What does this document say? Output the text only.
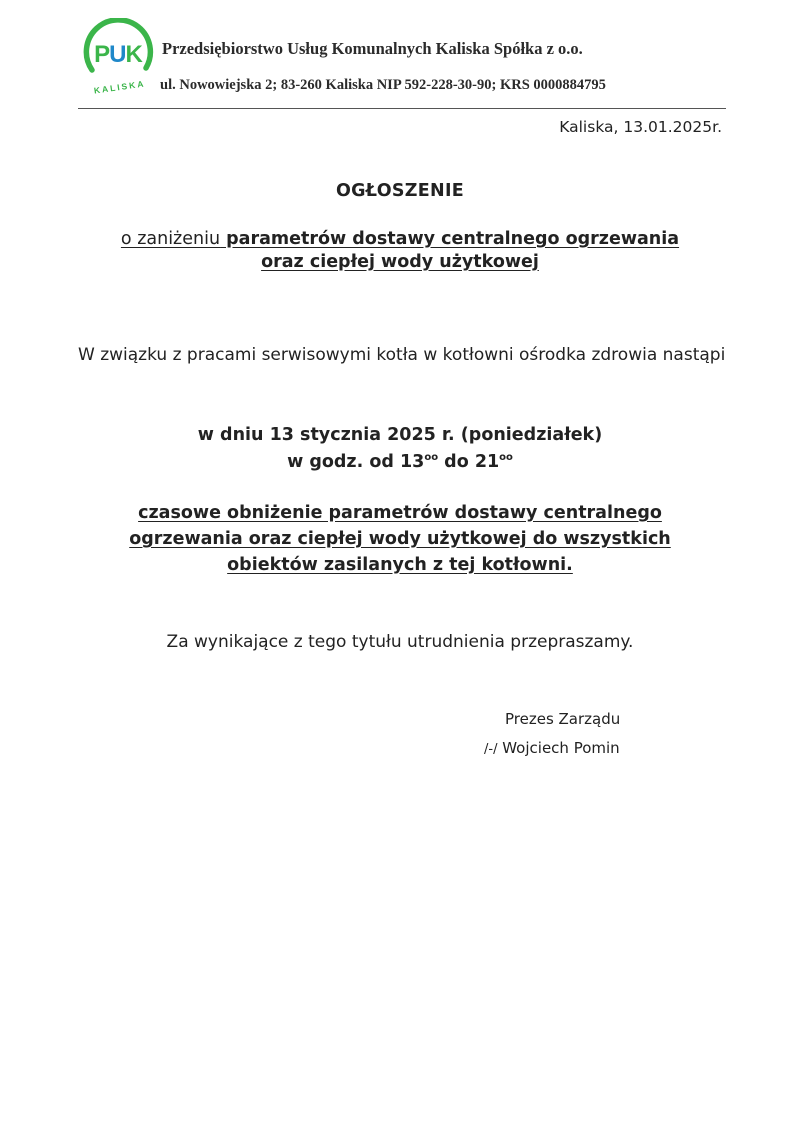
PUK
KALISKA
Przedsiębiorstwo Usług Komunalnych Kaliska Spółka z o.o.
ul. Nowowiejska 2; 83-260 Kaliska NIP 592-228-30-90; KRS 0000884795
Kaliska, 13.01.2025r.
OGŁOSZENIE
o zaniżeniu parametrów dostawy centralnego ogrzewania
oraz ciepłej wody użytkowej
W związku z pracami serwisowymi kotła w kotłowni ośrodka zdrowia nastąpi
w dniu 13 stycznia 2025 r. (poniedziałek)
w godz. od $13^{oo}$ do $21^{oo}$
czasowe obniżenie parametrów dostawy centralnego
ogrzewania oraz ciepłej wody użytkowej do wszystkich
obiektów zasilanych z tej kotłowni.
Za wynikające z tego tytułu utrudnienia przepraszamy.
Prezes Zarządu
/-/ Wojciech Pomin
